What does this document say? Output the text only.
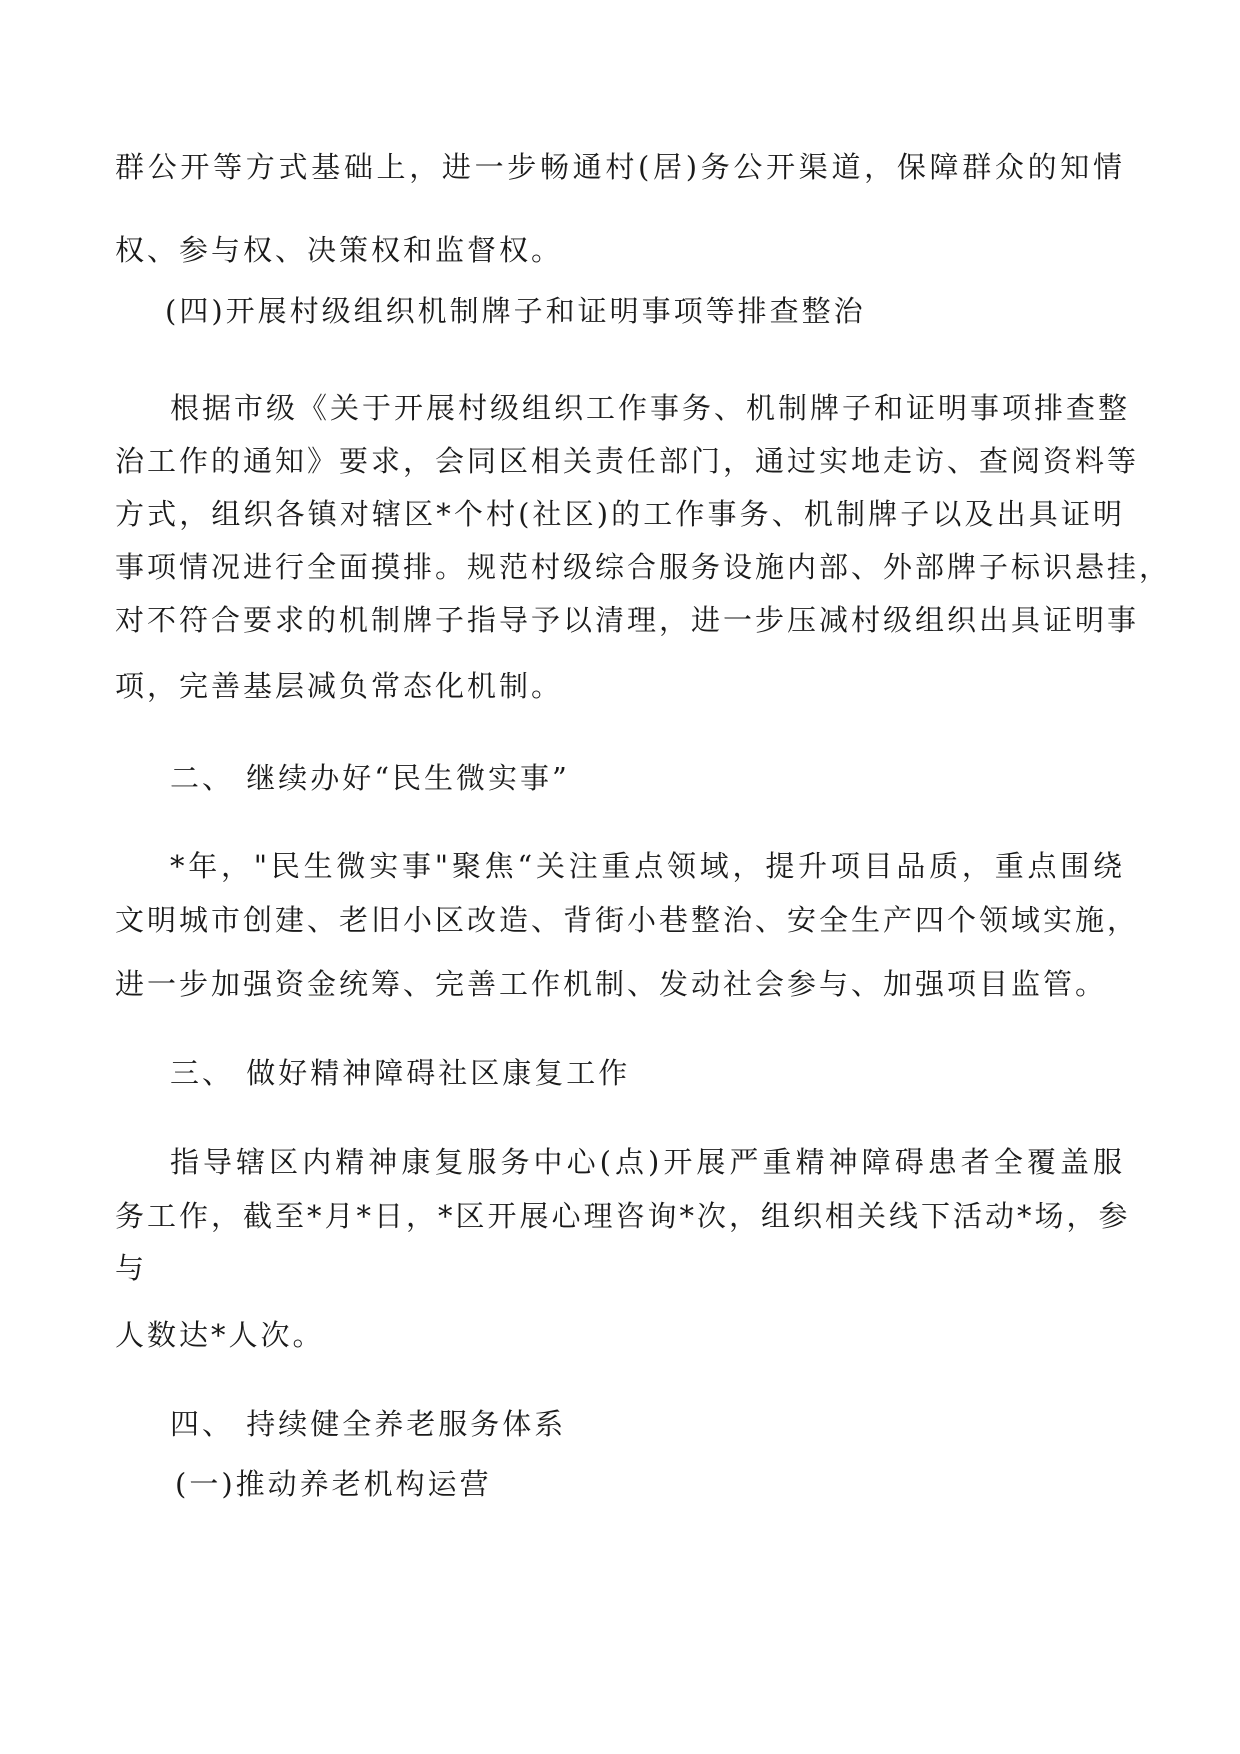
群公开等方式基础上，进一步畅通村(居)务公开渠道，保障群众的知情
权、参与权、决策权和监督权。
(四)开展村级组织机制牌子和证明事项等排查整治
根据市级《关于开展村级组织工作事务、机制牌子和证明事项排查整
治工作的通知》要求，会同区相关责任部门，通过实地走访、查阅资料等
方式，组织各镇对辖区*个村(社区)的工作事务、机制牌子以及出具证明
事项情况进行全面摸排。规范村级综合服务设施内部、外部牌子标识悬挂，
对不符合要求的机制牌子指导予以清理，进一步压减村级组织出具证明事
项，完善基层减负常态化机制。
二、 继续办好“民生微实事”
*年，"民生微实事"聚焦“关注重点领域，提升项目品质，重点围绕
文明城市创建、老旧小区改造、背街小巷整治、安全生产四个领域实施，
进一步加强资金统筹、完善工作机制、发动社会参与、加强项目监管。
三、 做好精神障碍社区康复工作
指导辖区内精神康复服务中心(点)开展严重精神障碍患者全覆盖服
务工作，截至*月*日，*区开展心理咨询*次，组织相关线下活动*场，参
与
人数达*人次。
四、 持续健全养老服务体系
(一)推动养老机构运营
